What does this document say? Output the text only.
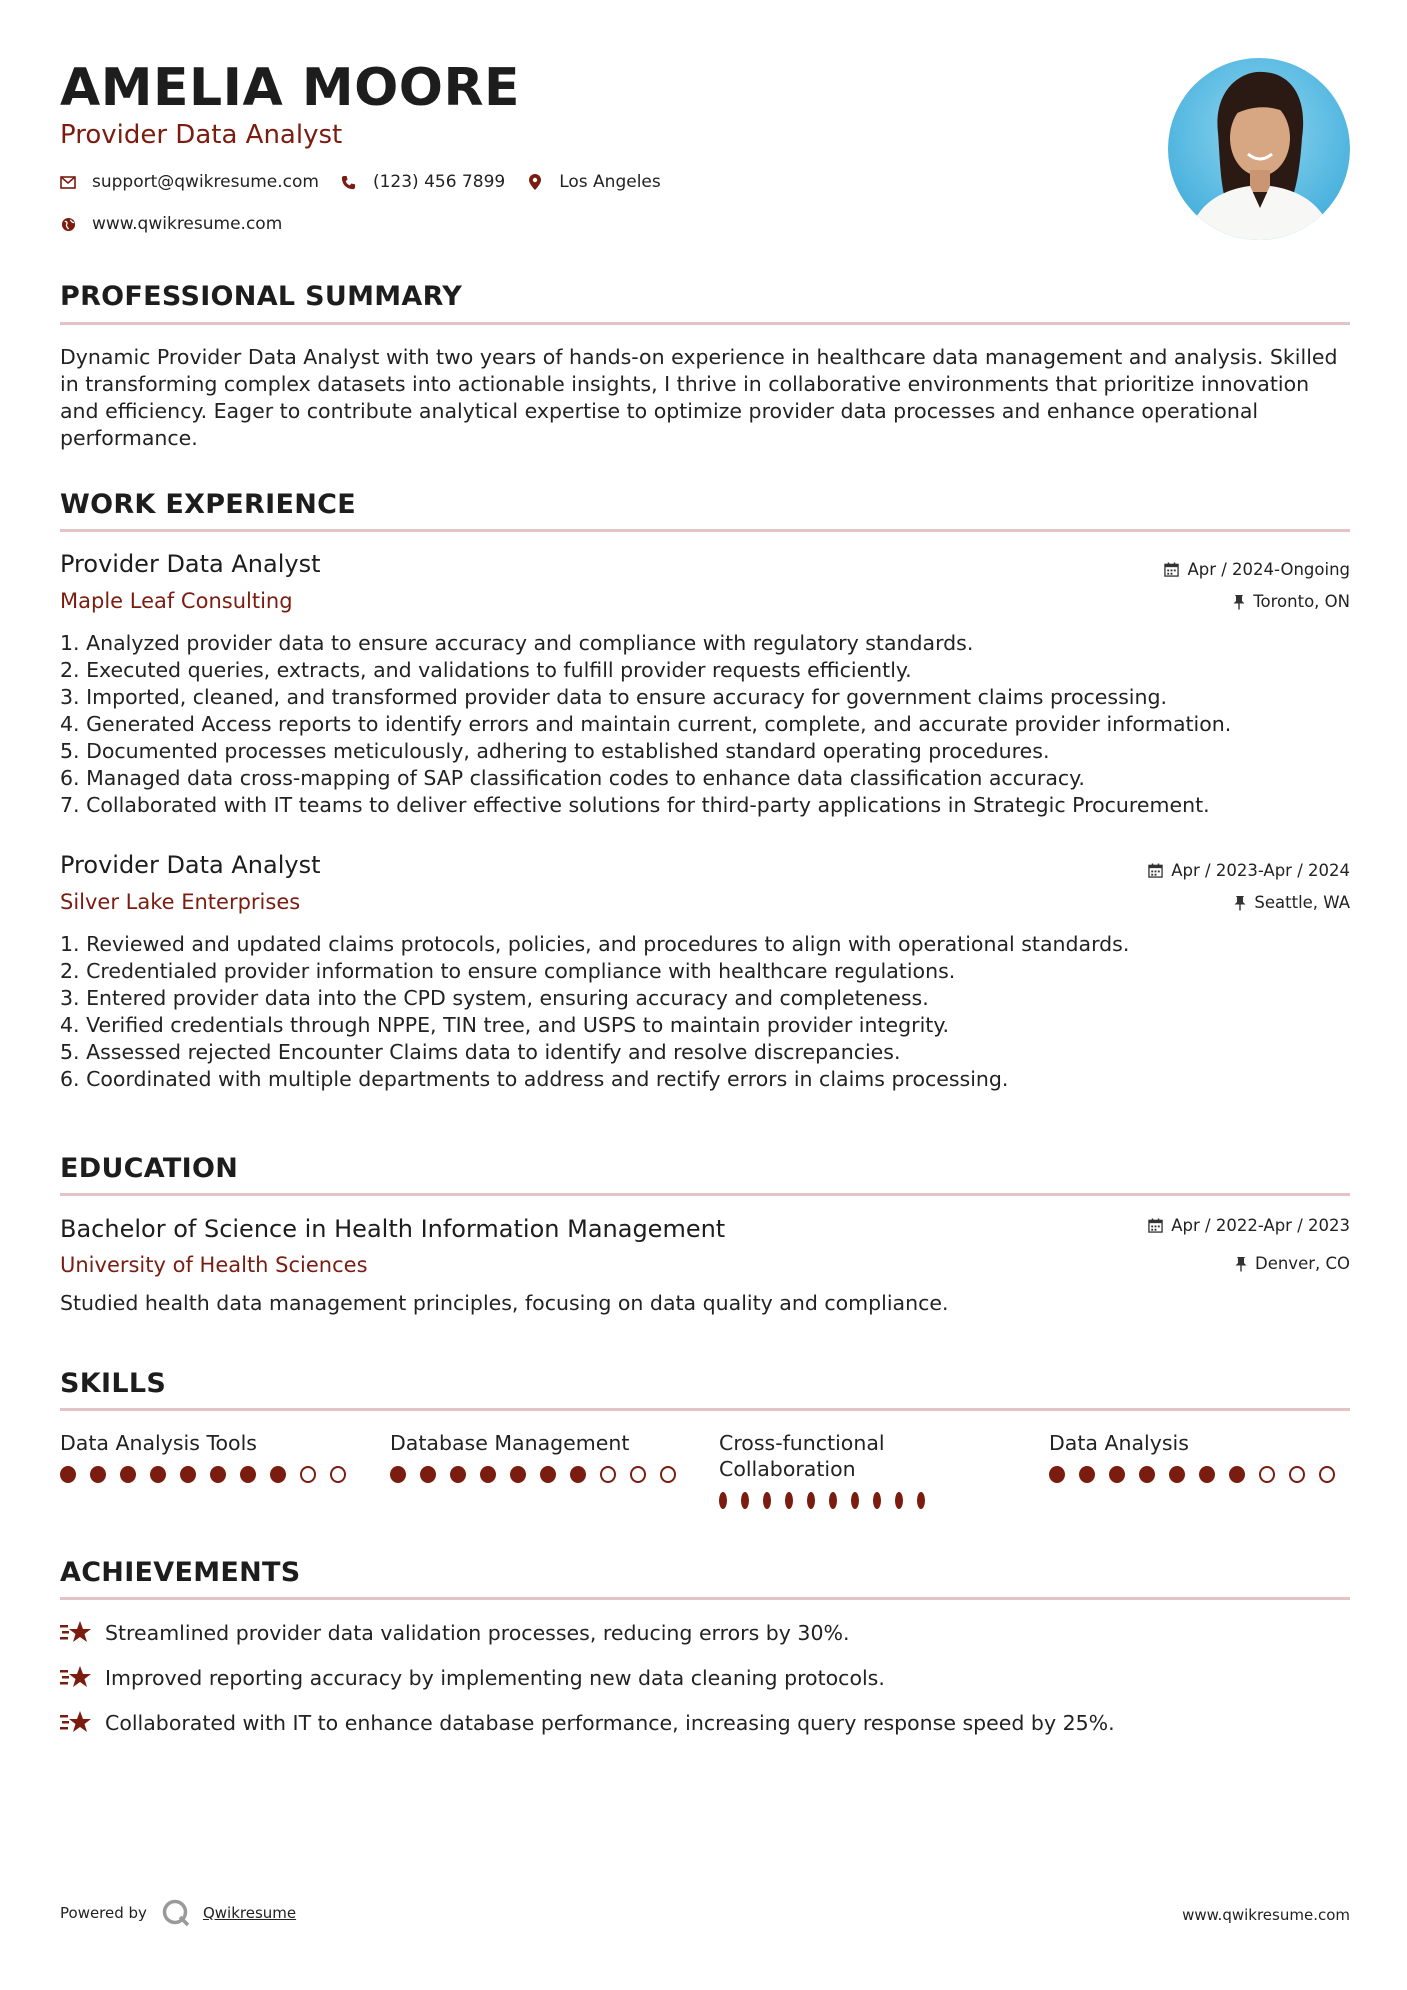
AMELIA MOORE
Provider Data Analyst
support@qwikresume.com	(123) 456 7899	Los Angeles
www.qwikresume.com
PROFESSIONAL SUMMARY
Dynamic Provider Data Analyst with two years of hands-on experience in healthcare data management and analysis. Skilled in transforming complex datasets into actionable insights, I thrive in collaborative environments that prioritize innovation and efficiency. Eager to contribute analytical expertise to optimize provider data processes and enhance operational performance.
WORK EXPERIENCE
Provider Data Analyst	Apr / 2024-Ongoing
Maple Leaf Consulting	Toronto, ON
1. Analyzed provider data to ensure accuracy and compliance with regulatory standards.
2. Executed queries, extracts, and validations to fulfill provider requests efficiently.
3. Imported, cleaned, and transformed provider data to ensure accuracy for government claims processing.
4. Generated Access reports to identify errors and maintain current, complete, and accurate provider information.
5. Documented processes meticulously, adhering to established standard operating procedures.
6. Managed data cross-mapping of SAP classification codes to enhance data classification accuracy.
7. Collaborated with IT teams to deliver effective solutions for third-party applications in Strategic Procurement.
Provider Data Analyst	Apr / 2023-Apr / 2024
Silver Lake Enterprises	Seattle, WA
1. Reviewed and updated claims protocols, policies, and procedures to align with operational standards.
2. Credentialed provider information to ensure compliance with healthcare regulations.
3. Entered provider data into the CPD system, ensuring accuracy and completeness.
4. Verified credentials through NPPE, TIN tree, and USPS to maintain provider integrity.
5. Assessed rejected Encounter Claims data to identify and resolve discrepancies.
6. Coordinated with multiple departments to address and rectify errors in claims processing.
EDUCATION
Bachelor of Science in Health Information Management	Apr / 2022-Apr / 2023
University of Health Sciences	Denver, CO
Studied health data management principles, focusing on data quality and compliance.
SKILLS
Data Analysis Tools	Database Management	Cross-functional Collaboration
Data Analysis
ACHIEVEMENTS
Streamlined provider data validation processes, reducing errors by 30%.
Improved reporting accuracy by implementing new data cleaning protocols.
Collaborated with IT to enhance database performance, increasing query response speed by 25%.
Powered by	Qwikresume	www.qwikresume.com
